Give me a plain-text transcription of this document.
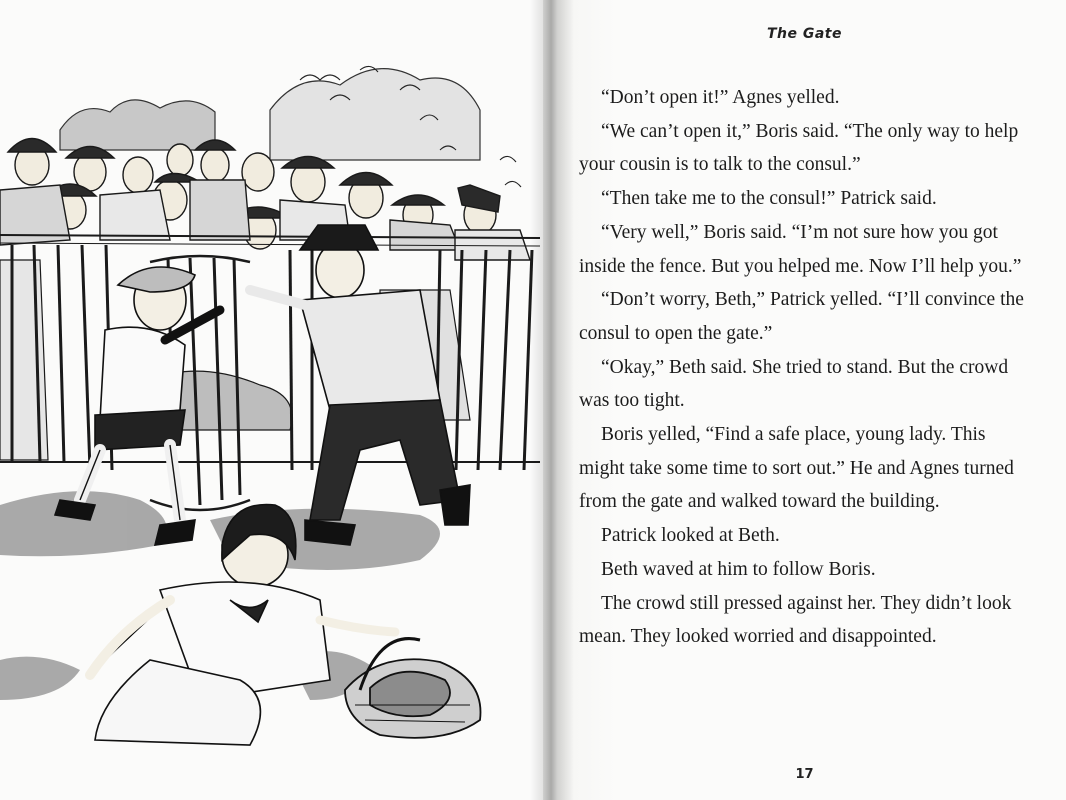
The Gate

“Don’t open it!” Agnes yelled.

“We can’t open it,” Boris said. “The only way to help your cousin is to talk to the consul.”

“Then take me to the consul!” Patrick said.

“Very well,” Boris said. “I’m not sure how you got inside the fence. But you helped me. Now I’ll help you.”

“Don’t worry, Beth,” Patrick yelled. “I’ll convince the consul to open the gate.”

“Okay,” Beth said. She tried to stand. But the crowd was too tight.

Boris yelled, “Find a safe place, young lady. This might take some time to sort out.” He and Agnes turned from the gate and walked toward the building.

Patrick looked at Beth.

Beth waved at him to follow Boris.

The crowd still pressed against her. They didn’t look mean. They looked worried and disappointed.

17
